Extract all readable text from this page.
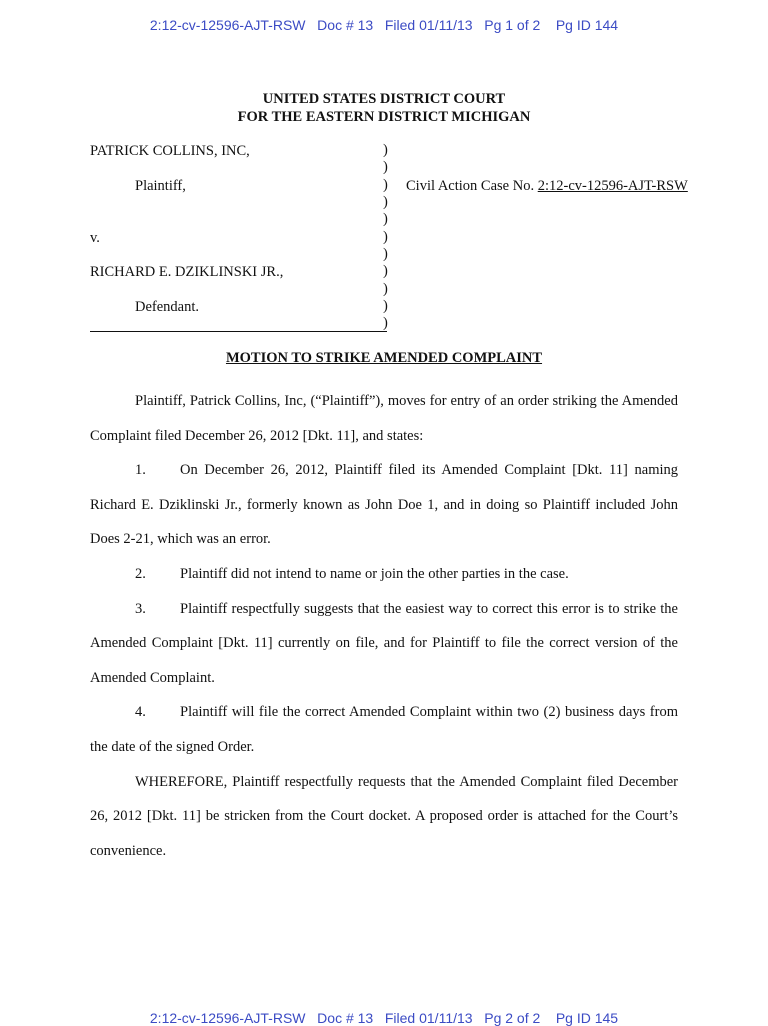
2:12-cv-12596-AJT-RSW   Doc # 13   Filed 01/11/13   Pg 1 of 2    Pg ID 144
UNITED STATES DISTRICT COURT
FOR THE EASTERN DISTRICT MICHIGAN
PATRICK COLLINS, INC,
Plaintiff,
v.
RICHARD E. DZIKLINSKI JR.,
Defendant.
)
)
)
)
)
)
)
)
)
)
)
Civil Action Case No. 2:12-cv-12596-AJT-RSW
MOTION TO STRIKE AMENDED COMPLAINT

Plaintiff, Patrick Collins, Inc, (“Plaintiff”), moves for entry of an order striking the Amended Complaint filed December 26, 2012 [Dkt. 11], and states:

1. On December 26, 2012, Plaintiff filed its Amended Complaint [Dkt. 11] naming Richard E. Dziklinski Jr., formerly known as John Doe 1, and in doing so Plaintiff included John Does 2-21, which was an error.

2. Plaintiff did not intend to name or join the other parties in the case.

3. Plaintiff respectfully suggests that the easiest way to correct this error is to strike the Amended Complaint [Dkt. 11] currently on file, and for Plaintiff to file the correct version of the Amended Complaint.

4. Plaintiff will file the correct Amended Complaint within two (2) business days from the date of the signed Order.

WHEREFORE, Plaintiff respectfully requests that the Amended Complaint filed December 26, 2012 [Dkt. 11] be stricken from the Court docket. A proposed order is attached for the Court’s convenience.

2:12-cv-12596-AJT-RSW   Doc # 13   Filed 01/11/13   Pg 2 of 2    Pg ID 145
